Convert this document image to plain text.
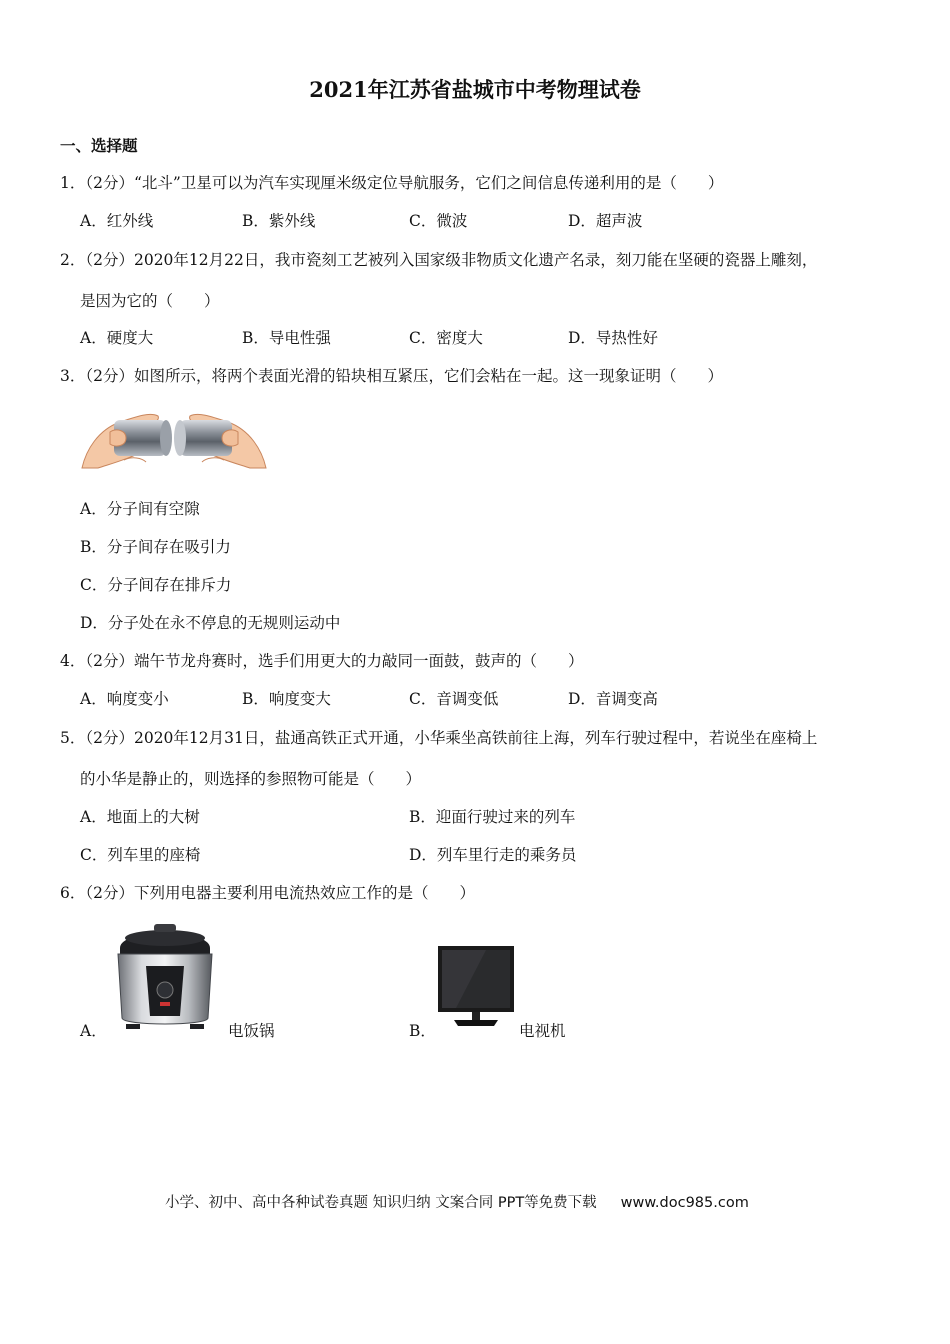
2021年江苏省盐城市中考物理试卷
一、选择题
1．（2分）“北斗”卫星可以为汽车实现厘米级定位导航服务，它们之间信息传递利用的是（　　）
A．红外线	B．紫外线	C．微波	D．超声波
2．（2分）2020年12月22日，我市瓷刻工艺被列入国家级非物质文化遗产名录，刻刀能在坚硬的瓷器上雕刻，
是因为它的（　　）
A．硬度大	B．导电性强	C．密度大	D．导热性好
3．（2分）如图所示，将两个表面光滑的铅块相互紧压，它们会粘在一起。这一现象证明（　　）
A．分子间有空隙
B．分子间存在吸引力
C．分子间存在排斥力
D．分子处在永不停息的无规则运动中
4．（2分）端午节龙舟赛时，选手们用更大的力敲同一面鼓，鼓声的（　　）
A．响度变小	B．响度变大	C．音调变低	D．音调变高
5．（2分）2020年12月31日，盐通高铁正式开通，小华乘坐高铁前往上海，列车行驶过程中，若说坐在座椅上
的小华是静止的，则选择的参照物可能是（　　）
A．地面上的大树	B．迎面行驶过来的列车
C．列车里的座椅	D．列车里行走的乘务员
6．（2分）下列用电器主要利用电流热效应工作的是（　　）
A．	电饭锅	B．	电视机
小学、初中、高中各种试卷真题 知识归纳 文案合同 PPT等免费下载 www.doc985.com
